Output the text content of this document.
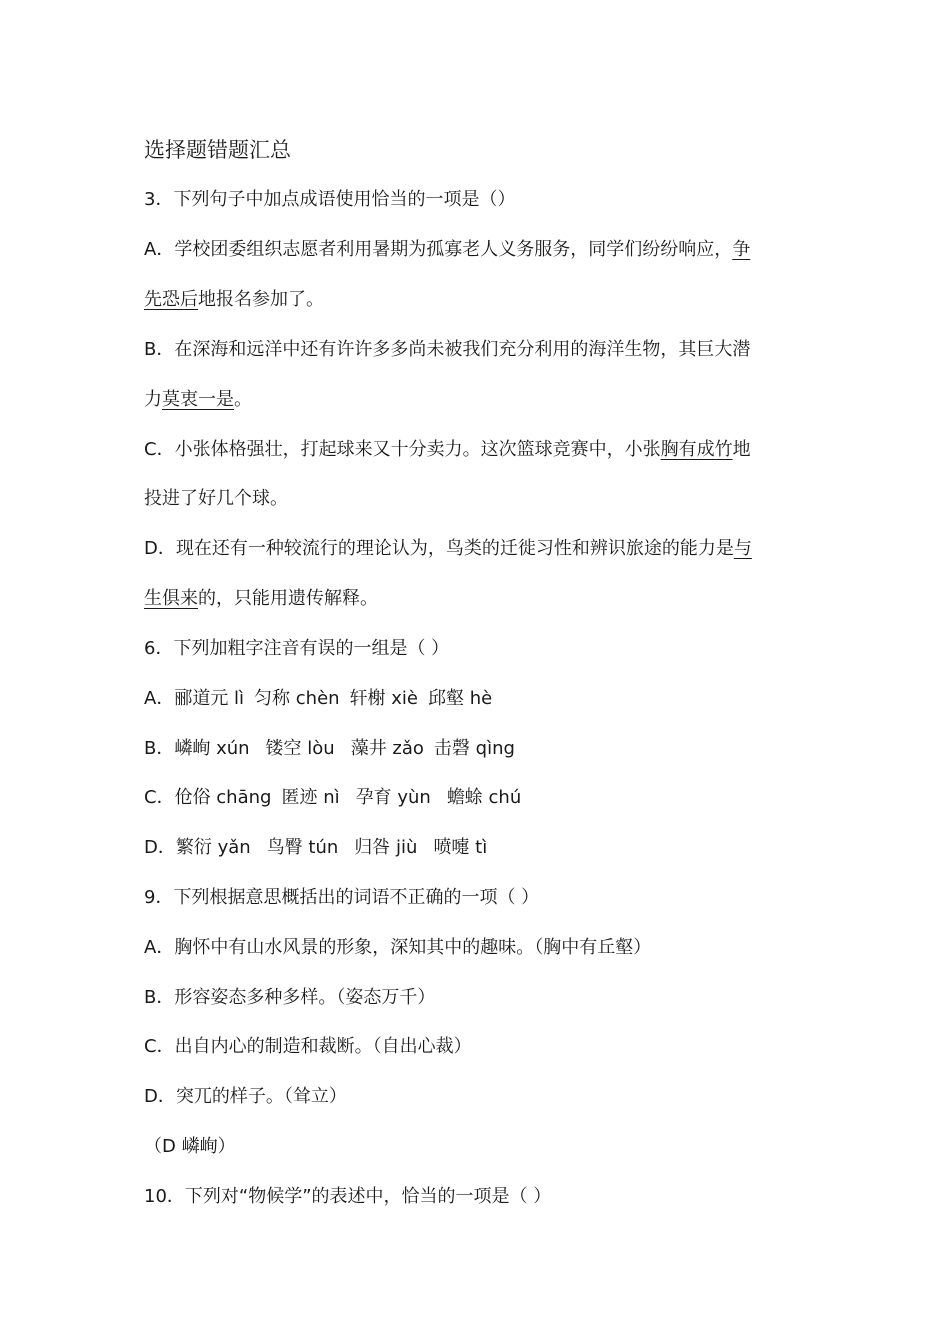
选择题错题汇总
3．下列句子中加点成语使用恰当的一项是（）
A．学校团委组织志愿者利用暑期为孤寡老人义务服务，同学们纷纷响应，争
先恐后地报名参加了。
B．在深海和远洋中还有许许多多尚未被我们充分利用的海洋生物，其巨大潜
力莫衷一是。
C．小张体格强壮，打起球来又十分卖力。这次篮球竞赛中，小张胸有成竹地
投进了好几个球。
D．现在还有一种较流行的理论认为，鸟类的迁徙习性和辨识旅途的能力是与
生俱来的，只能用遗传解释。
6．下列加粗字注音有误的一组是（ ）
A．郦道元 lì 匀称 chèn 轩榭 xiè 邱壑 hè
B．嶙峋 xún 镂空 lòu 藻井 zǎo 击磬 qìng
C．伧俗 chāng 匿迹 nì 孕育 yùn 蟾蜍 chú
D．繁衍 yǎn 鸟臀 tún 归咎 jiù 喷嚏 tì
9．下列根据意思概括出的词语不正确的一项（ ）
A．胸怀中有山水风景的形象，深知其中的趣味。（胸中有丘壑）
B．形容姿态多种多样。（姿态万千）
C．出自内心的制造和裁断。（自出心裁）
D．突兀的样子。（耸立）
（D 嶙峋）
10．下列对“物候学”的表述中，恰当的一项是（ ）
